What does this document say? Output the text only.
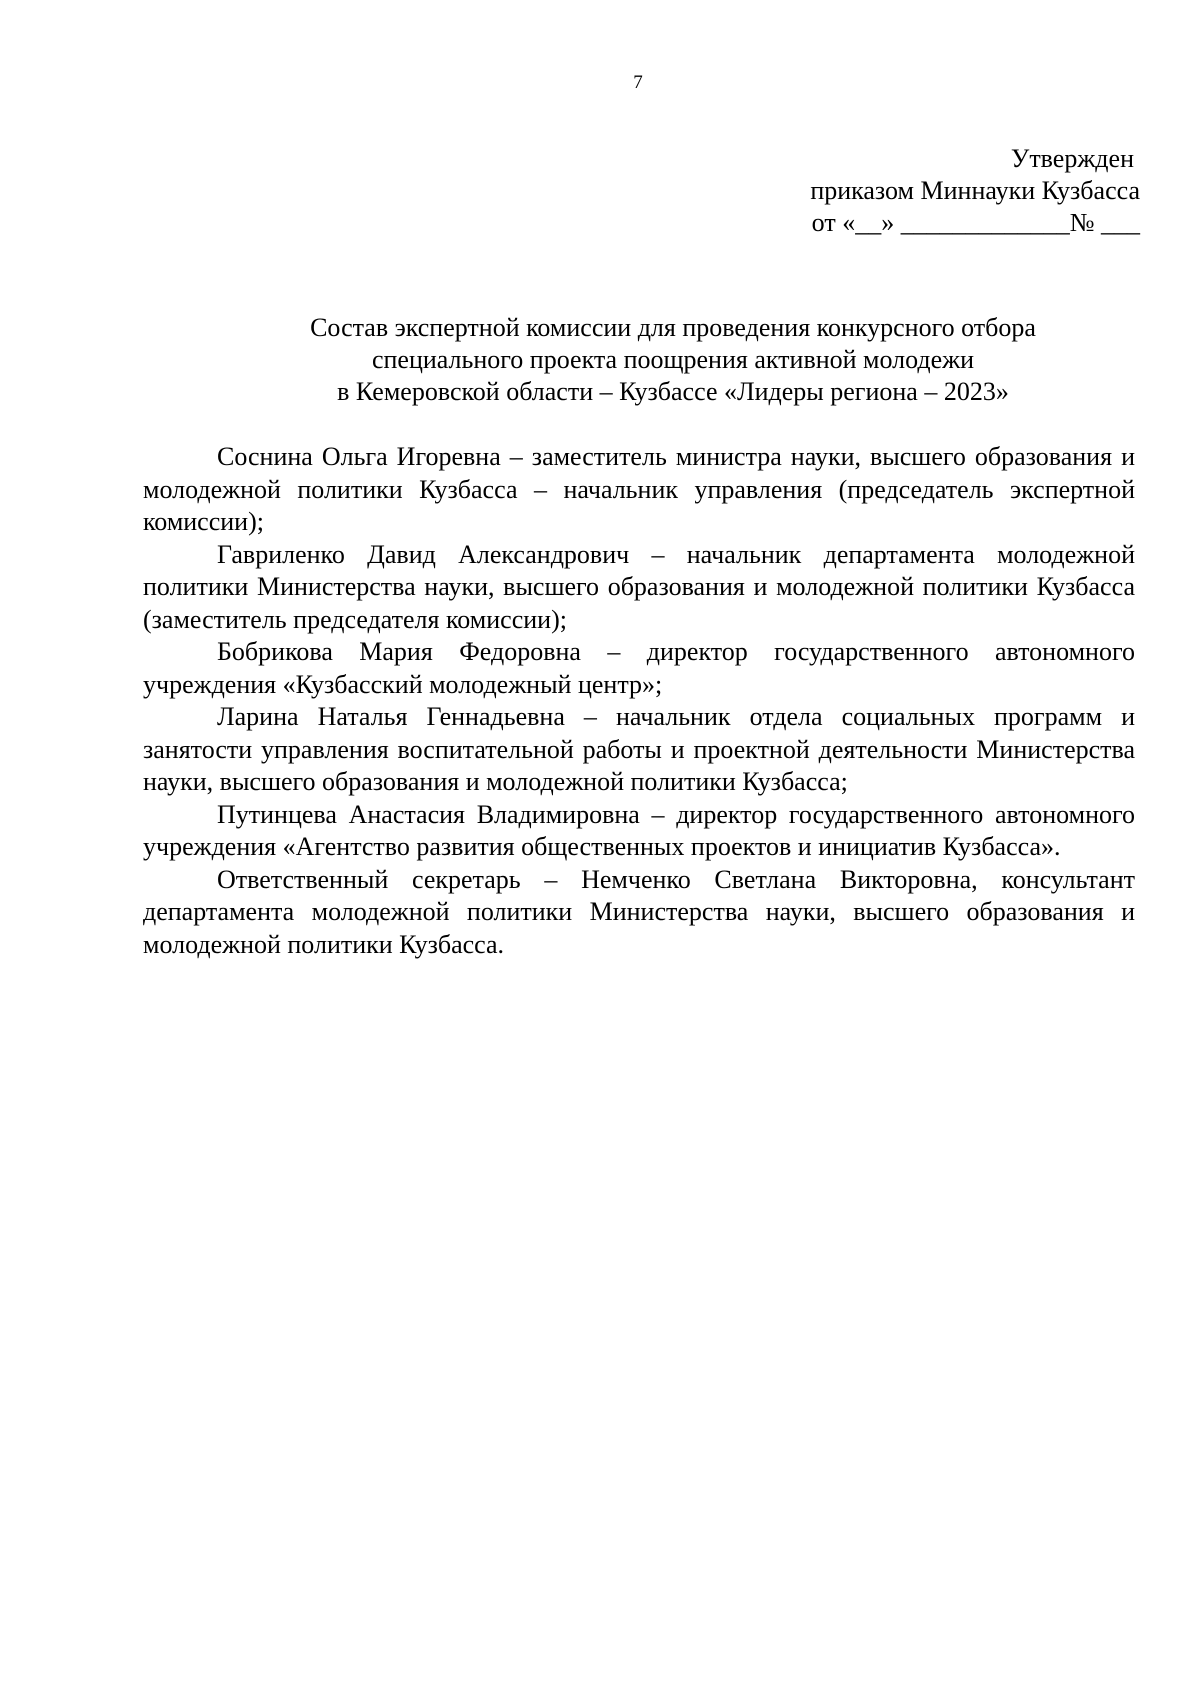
7
Утвержден
приказом Миннауки Кузбасса
от «__» _____________№ ___
Состав экспертной комиссии для проведения конкурсного отбора
специального проекта поощрения активной молодежи
в Кемеровской области – Кузбассе «Лидеры региона – 2023»

Соснина Ольга Игоревна – заместитель министра науки, высшего образования и молодежной политики Кузбасса – начальник управления (председатель экспертной комиссии);

Гавриленко Давид Александрович – начальник департамента молодежной политики Министерства науки, высшего образования и молодежной политики Кузбасса (заместитель председателя комиссии);

Бобрикова Мария Федоровна – директор государственного автономного учреждения «Кузбасский молодежный центр»;

Ларина Наталья Геннадьевна – начальник отдела социальных программ и занятости управления воспитательной работы и проектной деятельности Министерства науки, высшего образования и молодежной политики Кузбасса;

Путинцева Анастасия Владимировна – директор государственного автономного учреждения «Агентство развития общественных проектов и инициатив Кузбасса».

Ответственный секретарь – Немченко Светлана Викторовна, консультант департамента молодежной политики Министерства науки, высшего образования и молодежной политики Кузбасса.
